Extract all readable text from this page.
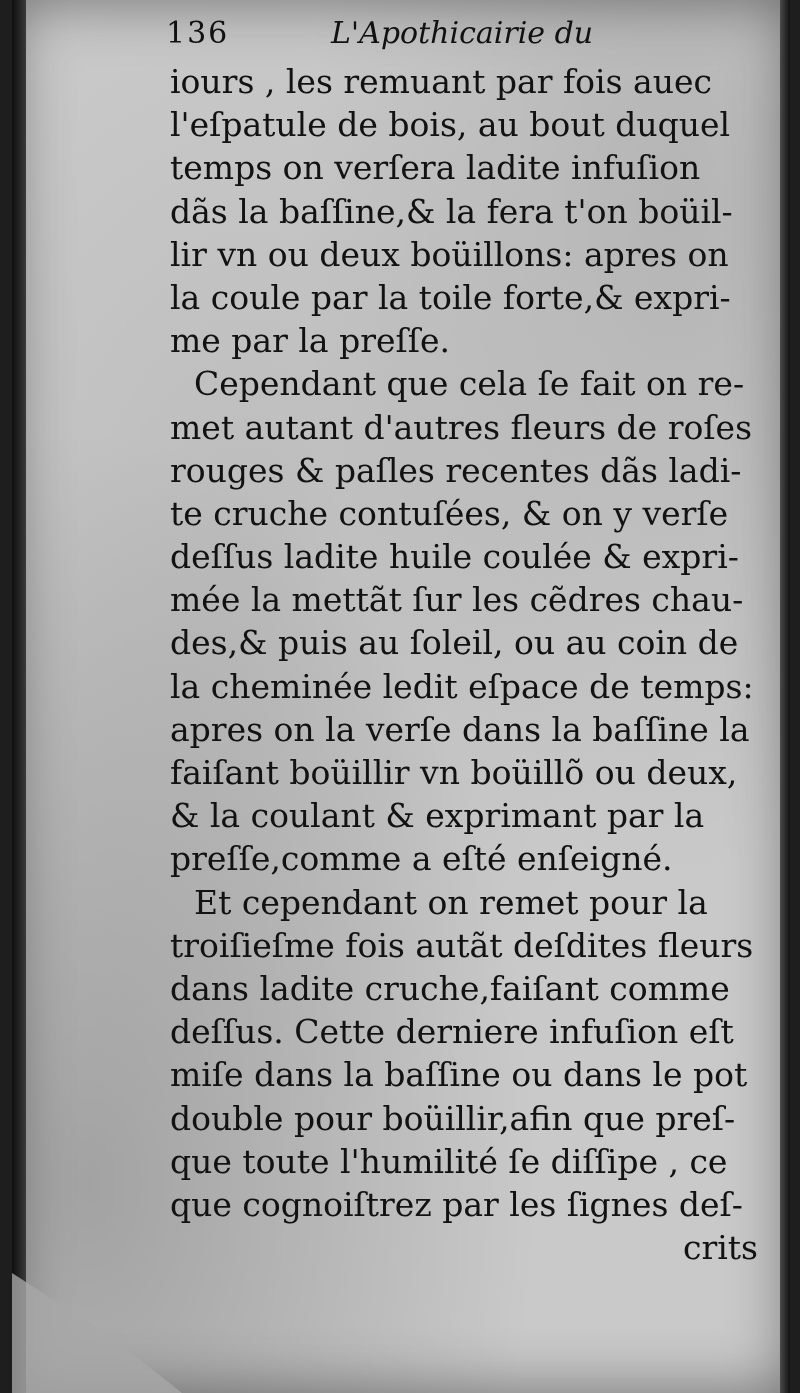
136	L'Apothicairie du
iours , les remuant par fois auec
l'eſpatule de bois, au bout duquel
temps on verſera ladite infuſion
dãs la baſſine,& la fera t'on boüil-
lir vn ou deux boüillons: apres on
la coule par la toile forte,& expri-
me par la preſſe.
Cependant que cela ſe fait on re-
met autant d'autres fleurs de roſes
rouges & paſles recentes dãs ladi-
te cruche contuſées, & on y verſe
deſſus ladite huile coulée & expri-
mée la mettãt ſur les cẽdres chau-
des,& puis au ſoleil, ou au coin de
la cheminée ledit eſpace de temps:
apres on la verſe dans la baſſine la
faiſant boüillir vn boüillõ ou deux,
& la coulant & exprimant par la
preſſe,comme a eſté enſeigné.
Et cependant on remet pour la
troiſieſme fois autãt deſdites fleurs
dans ladite cruche,faiſant comme
deſſus. Cette derniere infuſion eſt
miſe dans la baſſine ou dans le pot
double pour boüillir,afin que preſ-
que toute l'humilité ſe diſſipe , ce
que cognoiſtrez par les ſignes deſ-
crits
